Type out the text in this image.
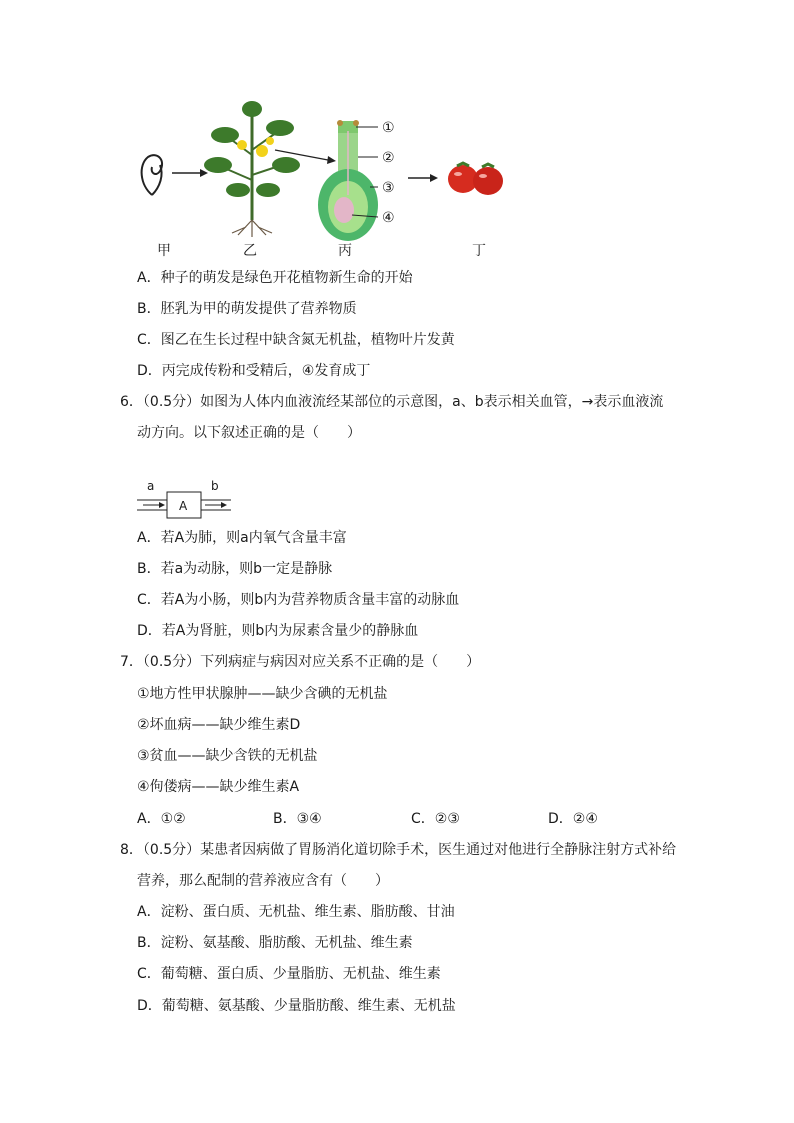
①
②
③
④
甲	乙	丙	丁
A．种子的萌发是绿色开花植物新生命的开始
B．胚乳为甲的萌发提供了营养物质
C．图乙在生长过程中缺含氮无机盐，植物叶片发黄
D．丙完成传粉和受精后，④发育成丁
6．（0.5分）如图为人体内血液流经某部位的示意图，a、b表示相关血管，→表示血液流
动方向。以下叙述正确的是（　　）
a	b
A
A．若A为肺，则a内氧气含量丰富
B．若a为动脉，则b一定是静脉
C．若A为小肠，则b内为营养物质含量丰富的动脉血
D．若A为肾脏，则b内为尿素含量少的静脉血
7．（0.5分）下列病症与病因对应关系不正确的是（　　）
①地方性甲状腺肿——缺少含碘的无机盐
②坏血病——缺少维生素D
③贫血——缺少含铁的无机盐
④佝偻病——缺少维生素A
A．①②	B．③④	C．②③	D．②④
8．（0.5分）某患者因病做了胃肠消化道切除手术，医生通过对他进行全静脉注射方式补给
营养，那么配制的营养液应含有（　　）
A．淀粉、蛋白质、无机盐、维生素、脂肪酸、甘油
B．淀粉、氨基酸、脂肪酸、无机盐、维生素
C．葡萄糖、蛋白质、少量脂肪、无机盐、维生素
D．葡萄糖、氨基酸、少量脂肪酸、维生素、无机盐
